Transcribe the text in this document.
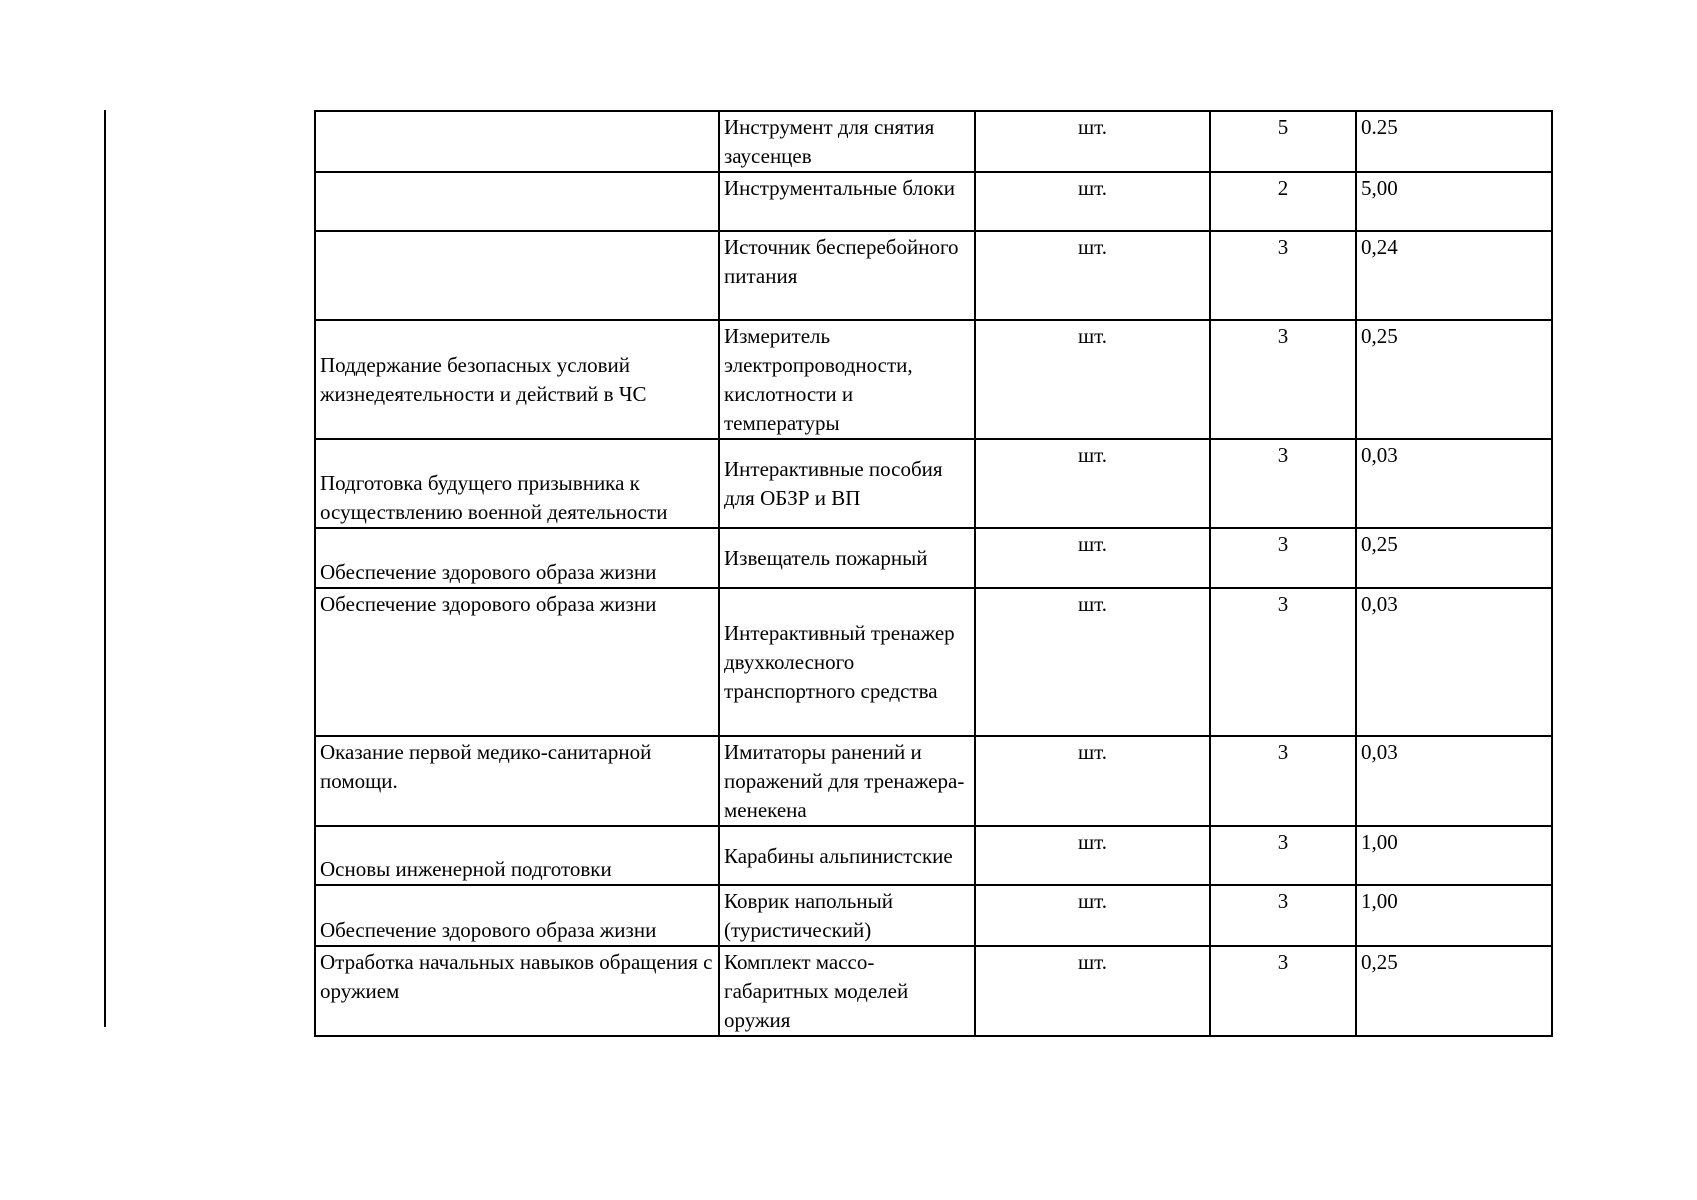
	Инструмент для снятия заусенцев	шт.	5	0.25
	Инструментальные блоки	шт.	2	5,00
	Источник бесперебойного питания	шт.	3	0,24
Поддержание безопасных условий жизнедеятельности и действий в ЧС	Измеритель электропроводности, кислотности и температуры	шт.	3	0,25
Подготовка будущего призывника к осуществлению военной деятельности	Интерактивные пособия для ОБЗР и ВП	шт.	3	0,03
Обеспечение здорового образа жизни	Извещатель пожарный	шт.	3	0,25
Обеспечение здорового образа жизни	Интерактивный тренажер двухколесного транспортного средства	шт.	3	0,03
Оказание первой медико-санитарной помощи.	Имитаторы ранений и поражений для тренажера-менекена	шт.	3	0,03
Основы инженерной подготовки	Карабины альпинистские	шт.	3	1,00
Обеспечение здорового образа жизни	Коврик напольный (туристический)	шт.	3	1,00
Отработка начальных навыков обращения с оружием	Комплект массо-габаритных моделей оружия	шт.	3	0,25
